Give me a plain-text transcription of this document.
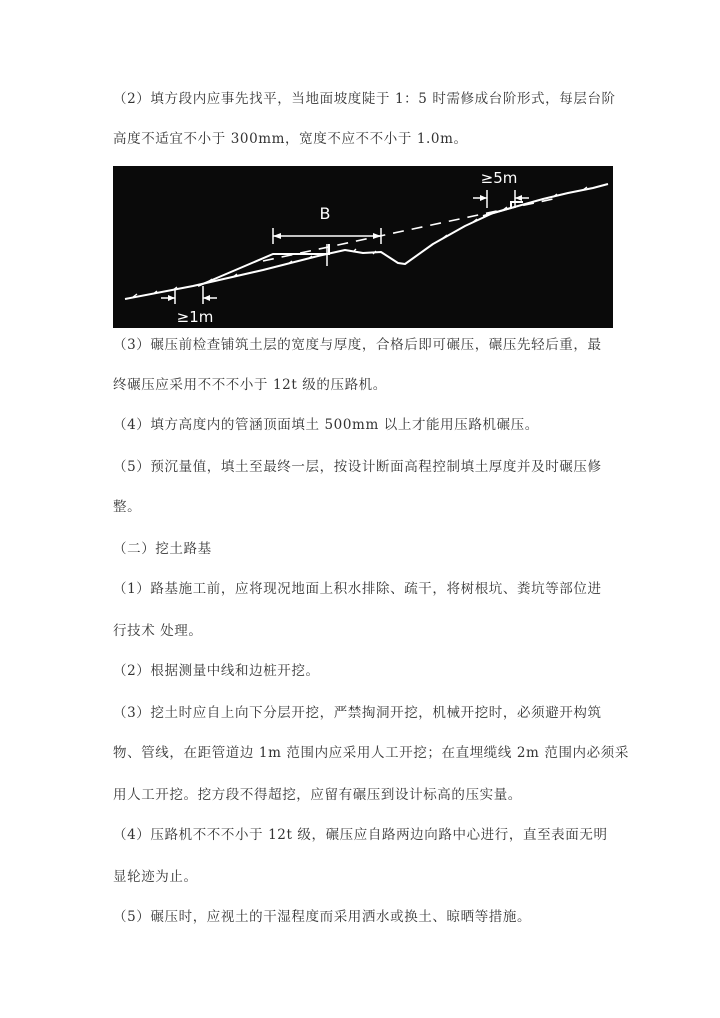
（2）填方段内应事先找平，当地面坡度陡于 1：5 时需修成台阶形式，每层台阶
高度不适宜不小于 300mm，宽度不应不不小于 1.0m。
B
≥5m
≥1m
（3）碾压前检查铺筑土层的宽度与厚度，合格后即可碾压，碾压先轻后重，最
终碾压应采用不不不小于 12t 级的压路机。
（4）填方高度内的管涵顶面填土 500mm 以上才能用压路机碾压。
（5）预沉量值，填土至最终一层，按设计断面高程控制填土厚度并及时碾压修
整。
（二）挖土路基
（1）路基施工前，应将现况地面上积水排除、疏干，将树根坑、粪坑等部位进
行技术 处理。
（2）根据测量中线和边桩开挖。
（3）挖土时应自上向下分层开挖，严禁掏洞开挖，机械开挖时，必须避开构筑
物、管线，在距管道边 1m 范围内应采用人工开挖；在直埋缆线 2m 范围内必须采
用人工开挖。挖方段不得超挖，应留有碾压到设计标高的压实量。
（4）压路机不不不小于 12t 级，碾压应自路两边向路中心进行，直至表面无明
显轮迹为止。
（5）碾压时，应视土的干湿程度而采用洒水或换土、晾晒等措施。
